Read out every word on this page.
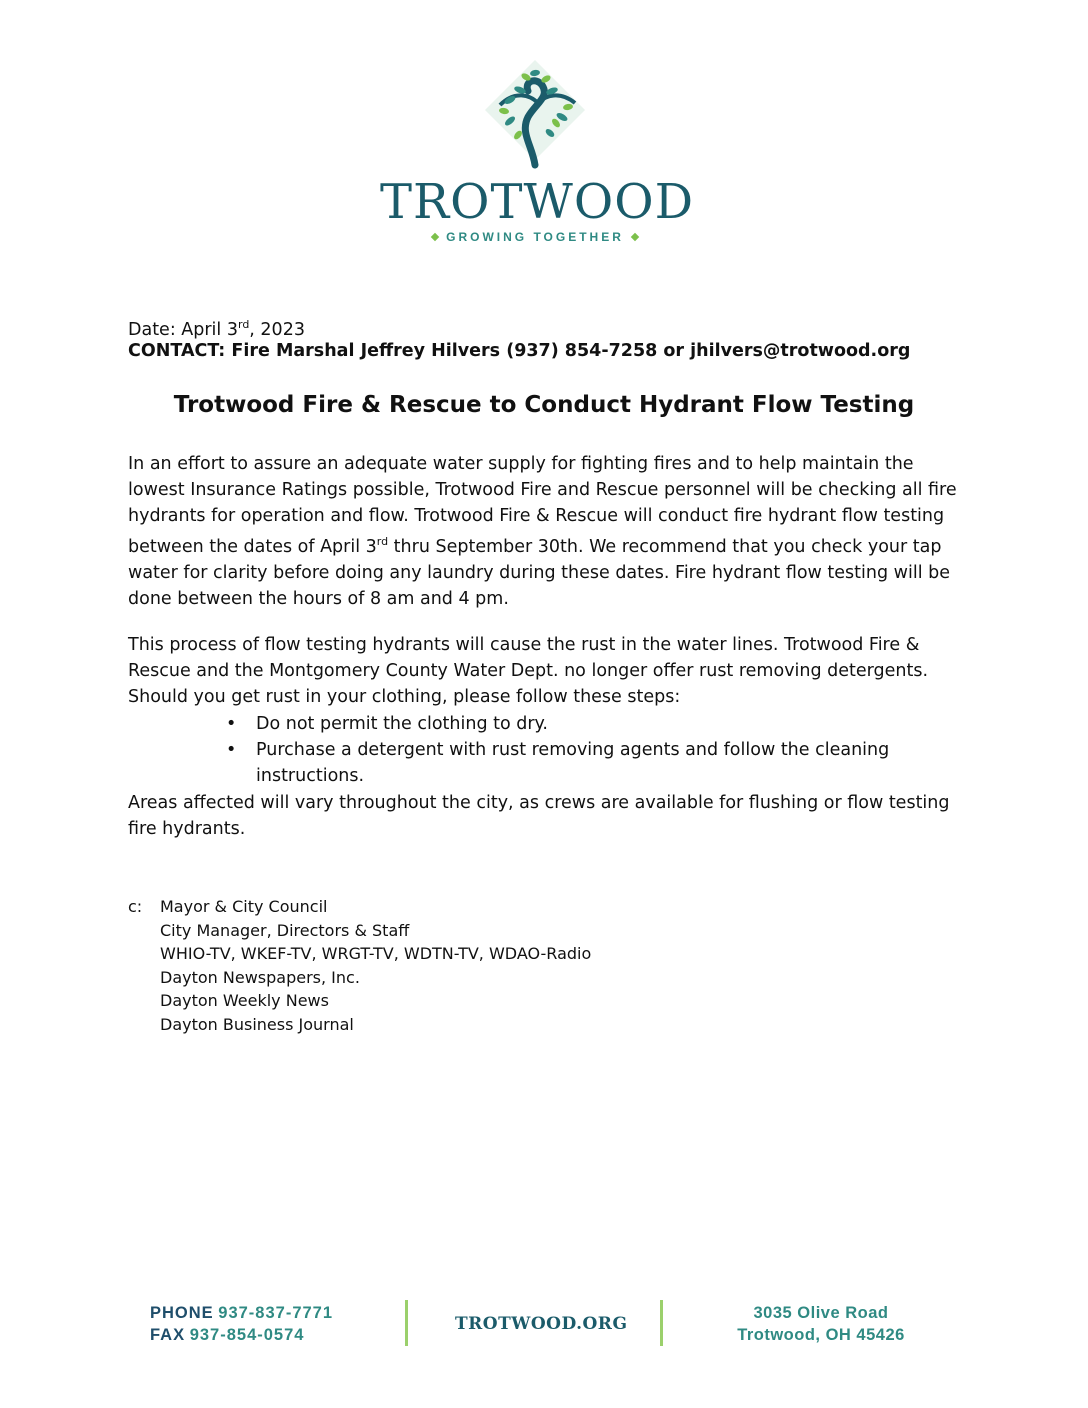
TROTWOOD
GROWING TOGETHER
Date: April 3rd, 2023
CONTACT: Fire Marshal Jeffrey Hilvers (937) 854-7258 or jhilvers@trotwood.org
Trotwood Fire & Rescue to Conduct Hydrant Flow Testing
In an effort to assure an adequate water supply for fighting fires and to help maintain the lowest Insurance Ratings possible, Trotwood Fire and Rescue personnel will be checking all fire hydrants for operation and flow. Trotwood Fire & Rescue will conduct fire hydrant flow testing between the dates of April 3rd thru September 30th. We recommend that you check your tap water for clarity before doing any laundry during these dates. Fire hydrant flow testing will be done between the hours of 8 am and 4 pm.
This process of flow testing hydrants will cause the rust in the water lines. Trotwood Fire & Rescue and the Montgomery County Water Dept. no longer offer rust removing detergents. Should you get rust in your clothing, please follow these steps:
• Do not permit the clothing to dry.
• Purchase a detergent with rust removing agents and follow the cleaning instructions.
Areas affected will vary throughout the city, as crews are available for flushing or flow testing fire hydrants.
c: Mayor & City Council
City Manager, Directors & Staff
WHIO-TV, WKEF-TV, WRGT-TV, WDTN-TV, WDAO-Radio
Dayton Newspapers, Inc.
Dayton Weekly News
Dayton Business Journal
PHONE 937-837-7771
FAX 937-854-0574
TROTWOOD.ORG
3035 Olive Road
Trotwood, OH 45426
